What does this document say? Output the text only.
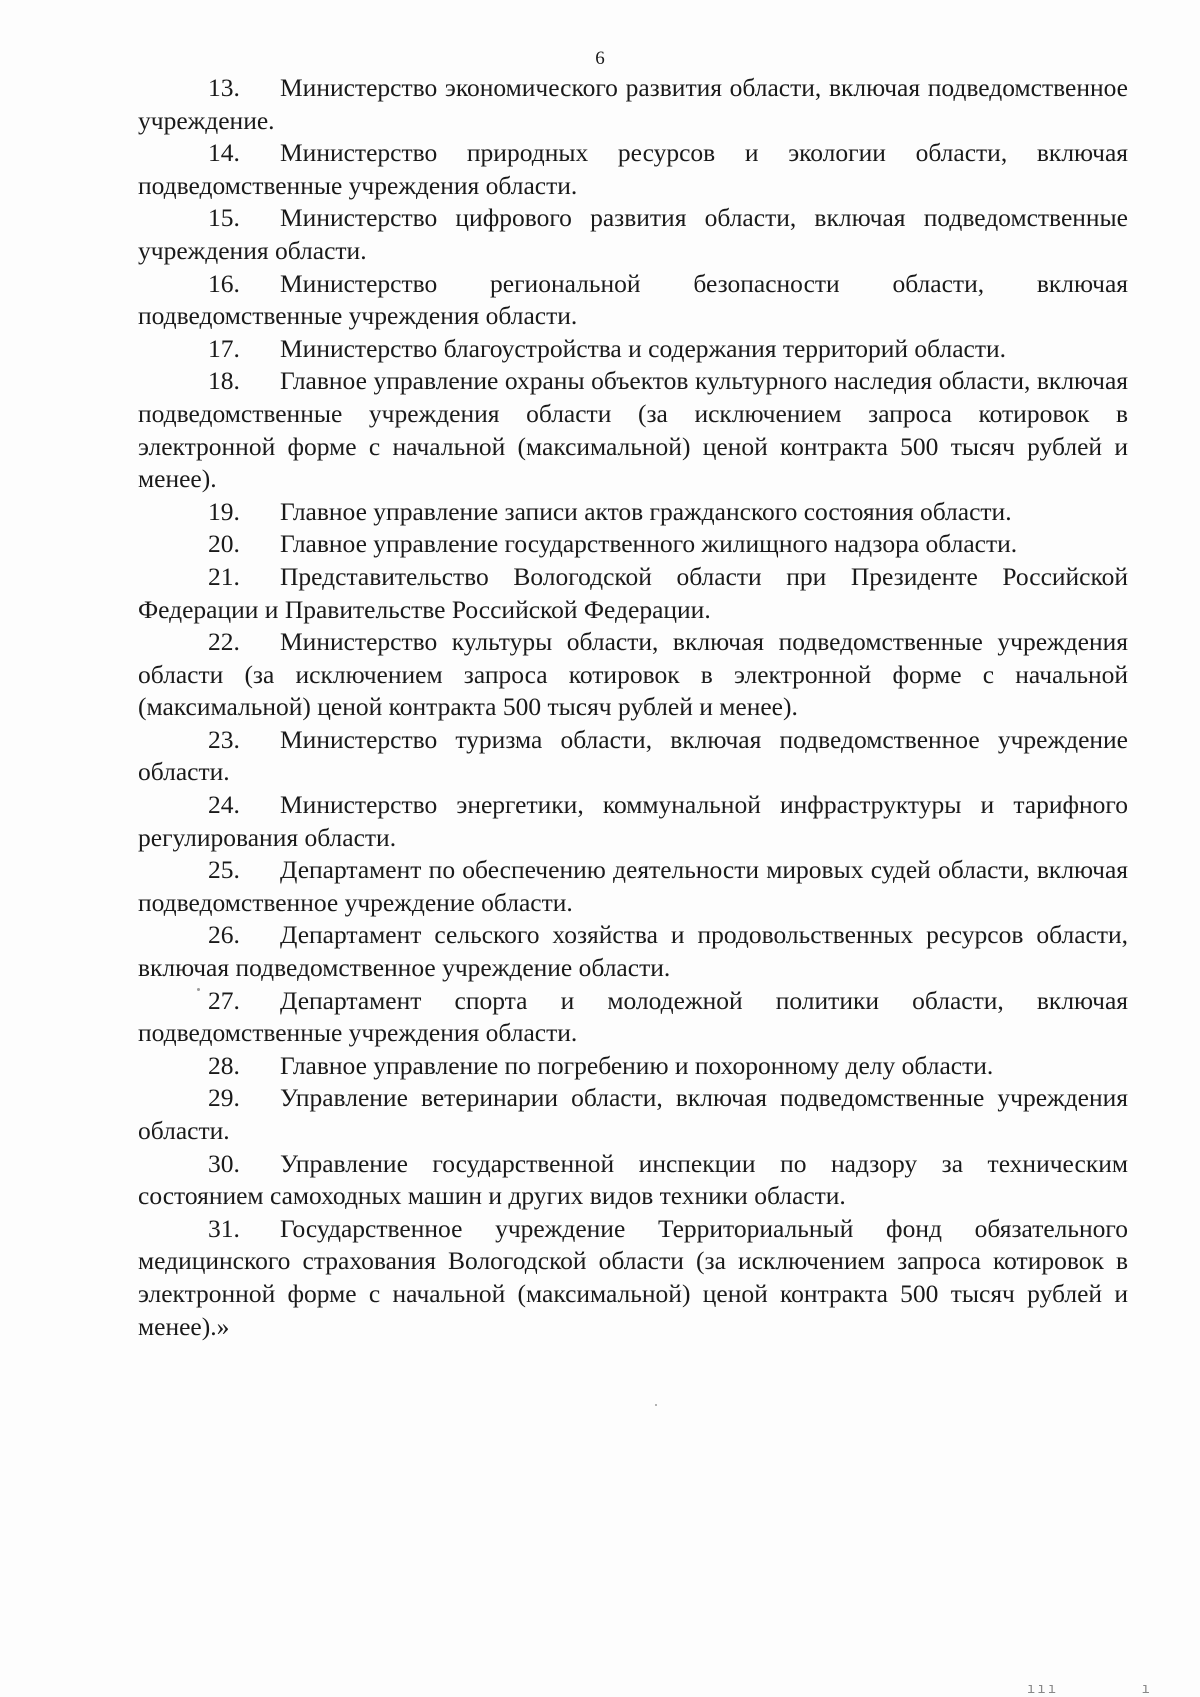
6

13. Министерство экономического развития области, включая подведомственное учреждение.

14. Министерство природных ресурсов и экологии области, включая подведомственные учреждения области.

15. Министерство цифрового развития области, включая подведомственные учреждения области.

16. Министерство региональной безопасности области, включая подведомственные учреждения области.

17. Министерство благоустройства и содержания территорий области.

18. Главное управление охраны объектов культурного наследия области, включая подведомственные учреждения области (за исключением запроса котировок в электронной форме с начальной (максимальной) ценой контракта 500 тысяч рублей и менее).

19. Главное управление записи актов гражданского состояния области.

20. Главное управление государственного жилищного надзора области.

21. Представительство Вологодской области при Президенте Российской Федерации и Правительстве Российской Федерации.

22. Министерство культуры области, включая подведомственные учреждения области (за исключением запроса котировок в электронной форме с начальной (максимальной) ценой контракта 500 тысяч рублей и менее).

23. Министерство туризма области, включая подведомственное учреждение области.

24. Министерство энергетики, коммунальной инфраструктуры и тарифного регулирования области.

25. Департамент по обеспечению деятельности мировых судей области, включая подведомственное учреждение области.

26. Департамент сельского хозяйства и продовольственных ресурсов области, включая подведомственное учреждение области.

27. Департамент спорта и молодежной политики области, включая подведомственные учреждения области.

28. Главное управление по погребению и похоронному делу области.

29. Управление ветеринарии области, включая подведомственные учреждения области.

30. Управление государственной инспекции по надзору за техническим состоянием самоходных машин и других видов техники области.

31. Государственное учреждение Территориальный фонд обязательного медицинского страхования Вологодской области (за исключением запроса котировок в электронной форме с начальной (максимальной) ценой контракта 500 тысяч рублей и менее).»

ııı        ı
